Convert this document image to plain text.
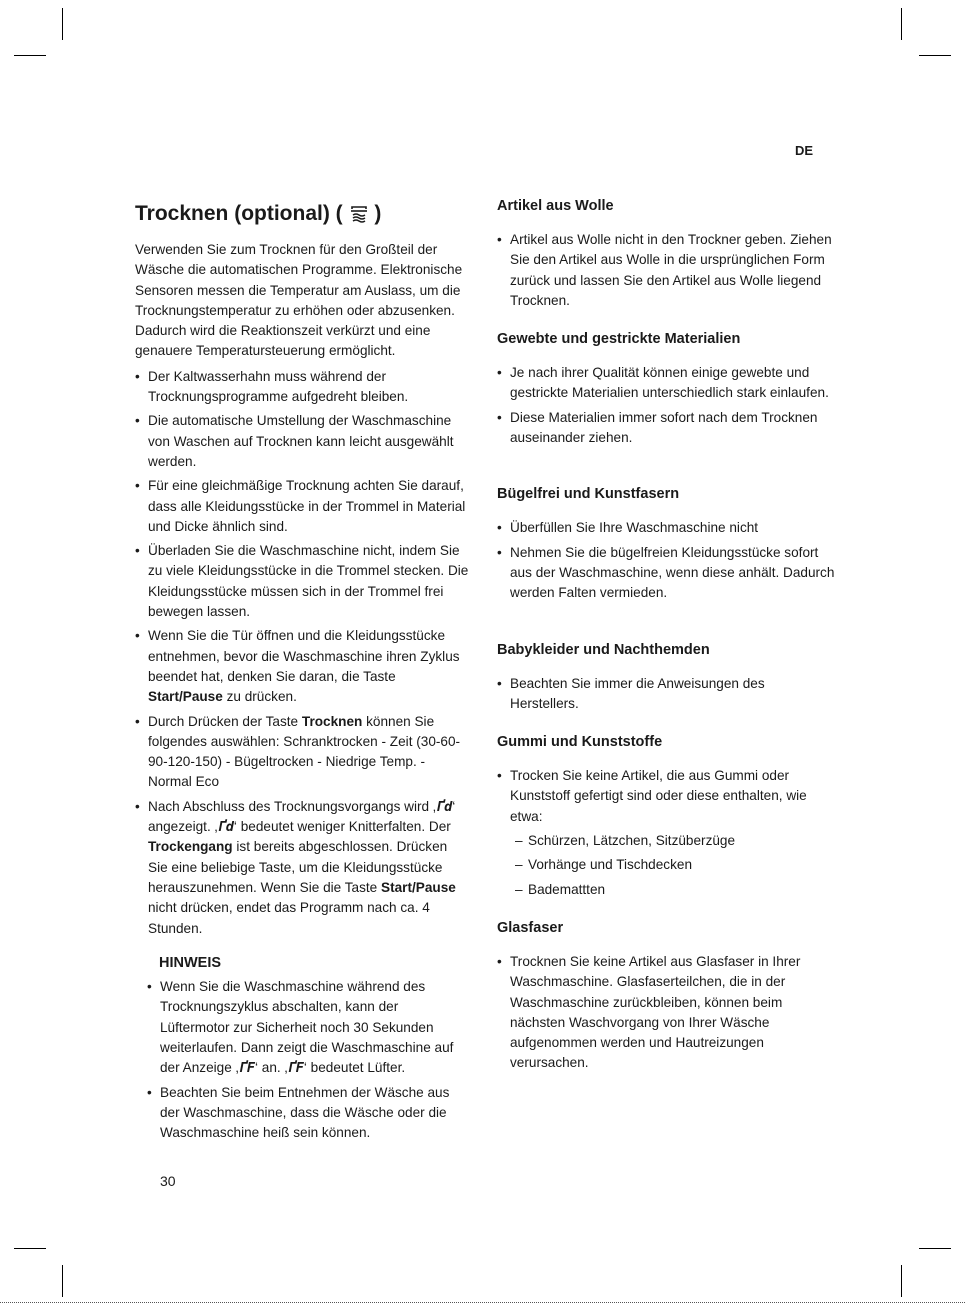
DE
Trocknen (optional) ( )

Verwenden Sie zum Trocknen für den Großteil der Wäsche die automatischen Programme. Elektronische Sensoren messen die Temperatur am Auslass, um die Trocknungstemperatur zu erhöhen oder abzusenken. Dadurch wird die Reaktionszeit verkürzt und eine genauere Temperatursteuerung ermöglicht.

• Der Kaltwasserhahn muss während der Trocknungsprogramme aufgedreht bleiben.
• Die automatische Umstellung der Waschmaschine von Waschen auf Trocknen kann leicht ausgewählt werden.
• Für eine gleichmäßige Trocknung achten Sie darauf, dass alle Kleidungsstücke in der Trommel in Material und Dicke ähnlich sind.
• Überladen Sie die Waschmaschine nicht, indem Sie zu viele Kleidungsstücke in die Trommel stecken. Die Kleidungsstücke müssen sich in der Trommel frei bewegen lassen.
• Wenn Sie die Tür öffnen und die Kleidungsstücke entnehmen, bevor die Waschmaschine ihren Zyklus beendet hat, denken Sie daran, die Taste Start/Pause zu drücken.
• Durch Drücken der Taste Trocknen können Sie folgendes auswählen: Schranktrocken - Zeit (30-60-90-120-150) - Bügeltrocken - Niedrige Temp. - Normal Eco
• Nach Abschluss des Trocknungsvorgangs wird ‚Ґd‘ angezeigt. ‚Ґd‘ bedeutet weniger Knitterfalten. Der Trockengang ist bereits abgeschlossen. Drücken Sie eine beliebige Taste, um die Kleidungsstücke herauszunehmen. Wenn Sie die Taste Start/Pause nicht drücken, endet das Programm nach ca. 4 Stunden.
HINWEIS
• Wenn Sie die Waschmaschine während des Trocknungszyklus abschalten, kann der Lüftermotor zur Sicherheit noch 30 Sekunden weiterlaufen. Dann zeigt die Waschmaschine auf der Anzeige ‚ҐF‘ an. ‚ҐF‘ bedeutet Lüfter.
• Beachten Sie beim Entnehmen der Wäsche aus der Waschmaschine, dass die Wäsche oder die Waschmaschine heiß sein können.
Artikel aus Wolle
• Artikel aus Wolle nicht in den Trockner geben. Ziehen Sie den Artikel aus Wolle in die ursprünglichen Form zurück und lassen Sie den Artikel aus Wolle liegend Trocknen.
Gewebte und gestrickte Materialien
• Je nach ihrer Qualität können einige gewebte und gestrickte Materialien unterschiedlich stark einlaufen.
• Diese Materialien immer sofort nach dem Trocknen auseinander ziehen.
Bügelfrei und Kunstfasern
• Überfüllen Sie Ihre Waschmaschine nicht
• Nehmen Sie die bügelfreien Kleidungsstücke sofort aus der Waschmaschine, wenn diese anhält. Dadurch werden Falten vermieden.
Babykleider und Nachthemden
• Beachten Sie immer die Anweisungen des Herstellers.
Gummi und Kunststoffe
• Trocken Sie keine Artikel, die aus Gummi oder Kunststoff gefertigt sind oder diese enthalten, wie etwa:
– Schürzen, Lätzchen, Sitzüberzüge
– Vorhänge und Tischdecken
– Bademattten
Glasfaser
• Trocknen Sie keine Artikel aus Glasfaser in Ihrer Waschmaschine. Glasfaserteilchen, die in der Waschmaschine zurückbleiben, können beim nächsten Waschvorgang von Ihrer Wäsche aufgenommen werden und Hautreizungen verursachen.
30
